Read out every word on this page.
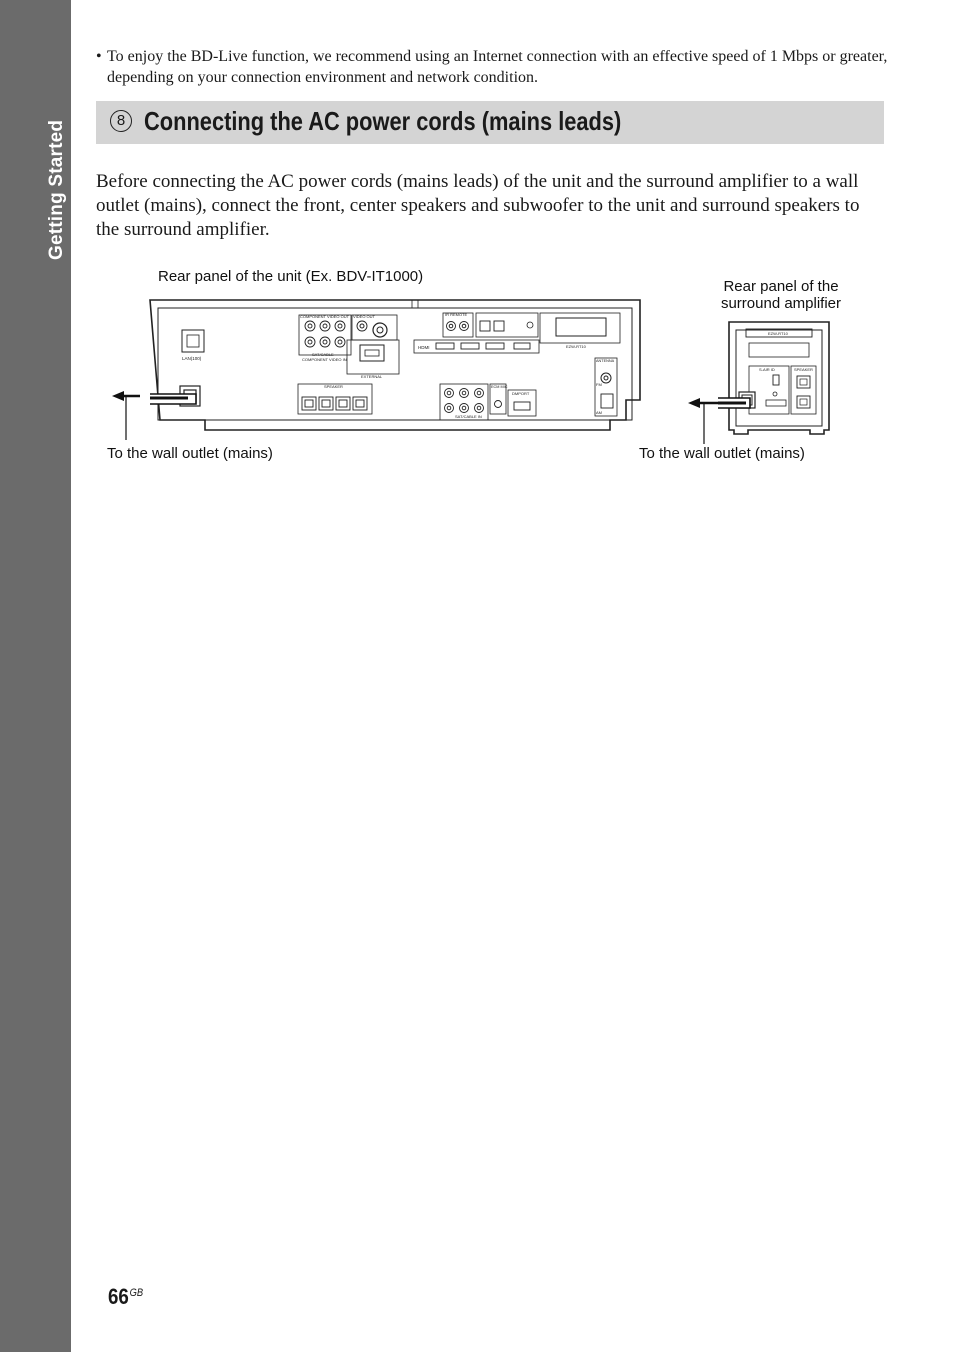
Getting Started
• To enjoy the BD-Live function, we recommend using an Internet connection with an effective speed of 1 Mbps or greater, depending on your connection environment and network condition.
8 Connecting the AC power cords (mains leads)
Before connecting the AC power cords (mains leads) of the unit and the surround amplifier to a wall outlet (mains), connect the front, center speakers and subwoofer to the unit and surround speakers to the surround amplifier.
Rear panel of the unit (Ex. BDV-IT1000)
Rear panel of the
surround amplifier
To the wall outlet (mains)	To the wall outlet (mains)
LAN(100)
COMPONENT VIDEO OUT
SAT/CABLE
COMPONENT VIDEO IN
VIDEO OUT
EXTERNAL
IR REMOTE
HDMI	EZW-RT10
ANTENNA
FM
AM
SPEAKER
SAT/CABLE IN
ECM MIC
DMPORT
EZW-RT10
S-AIR ID	SPEAKER
$66^{GB}$
